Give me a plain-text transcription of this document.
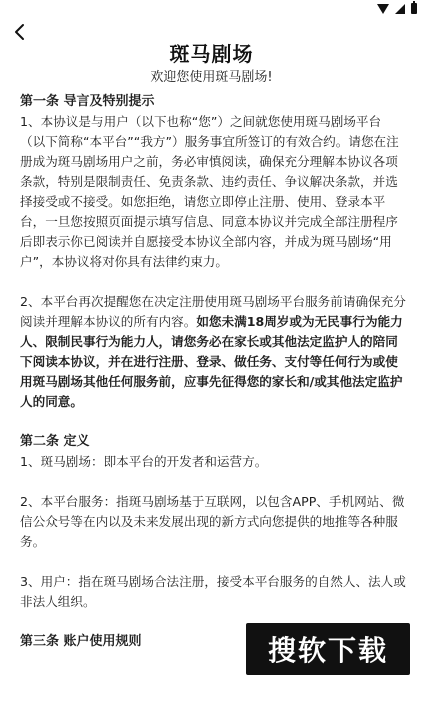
斑马剧场
欢迎您使用斑马剧场!

第一条 导言及特别提示

1、本协议是与用户（以下也称“您”）之间就您使用斑马剧场平台（以下简称“本平台”“我方”）服务事宜所签订的有效合约。请您在注册成为斑马剧场用户之前，务必审慎阅读，确保充分理解本协议各项条款，特别是限制责任、免责条款、违约责任、争议解决条款，并选择接受或不接受。如您拒绝，请您立即停止注册、使用、登录本平台，一旦您按照页面提示填写信息、同意本协议并完成全部注册程序后即表示你已阅读并自愿接受本协议全部内容，并成为斑马剧场“用户”，本协议将对你具有法律约束力。

2、本平台再次提醒您在决定注册使用斑马剧场平台服务前请确保充分阅读并理解本协议的所有内容。如您未满18周岁或为无民事行为能力人、限制民事行为能力人，请您务必在家长或其他法定监护人的陪同下阅读本协议，并在进行注册、登录、做任务、支付等任何行为或使用斑马剧场其他任何服务前，应事先征得您的家长和/或其他法定监护人的同意。

第二条 定义

1、斑马剧场：即本平台的开发者和运营方。

2、本平台服务：指斑马剧场基于互联网，以包含APP、手机网站、微信公众号等在内以及未来发展出现的新方式向您提供的地推等各种服务。

3、用户：指在斑马剧场合法注册，接受本平台服务的自然人、法人或非法人组织。

第三条 账户使用规则	搜软下载
